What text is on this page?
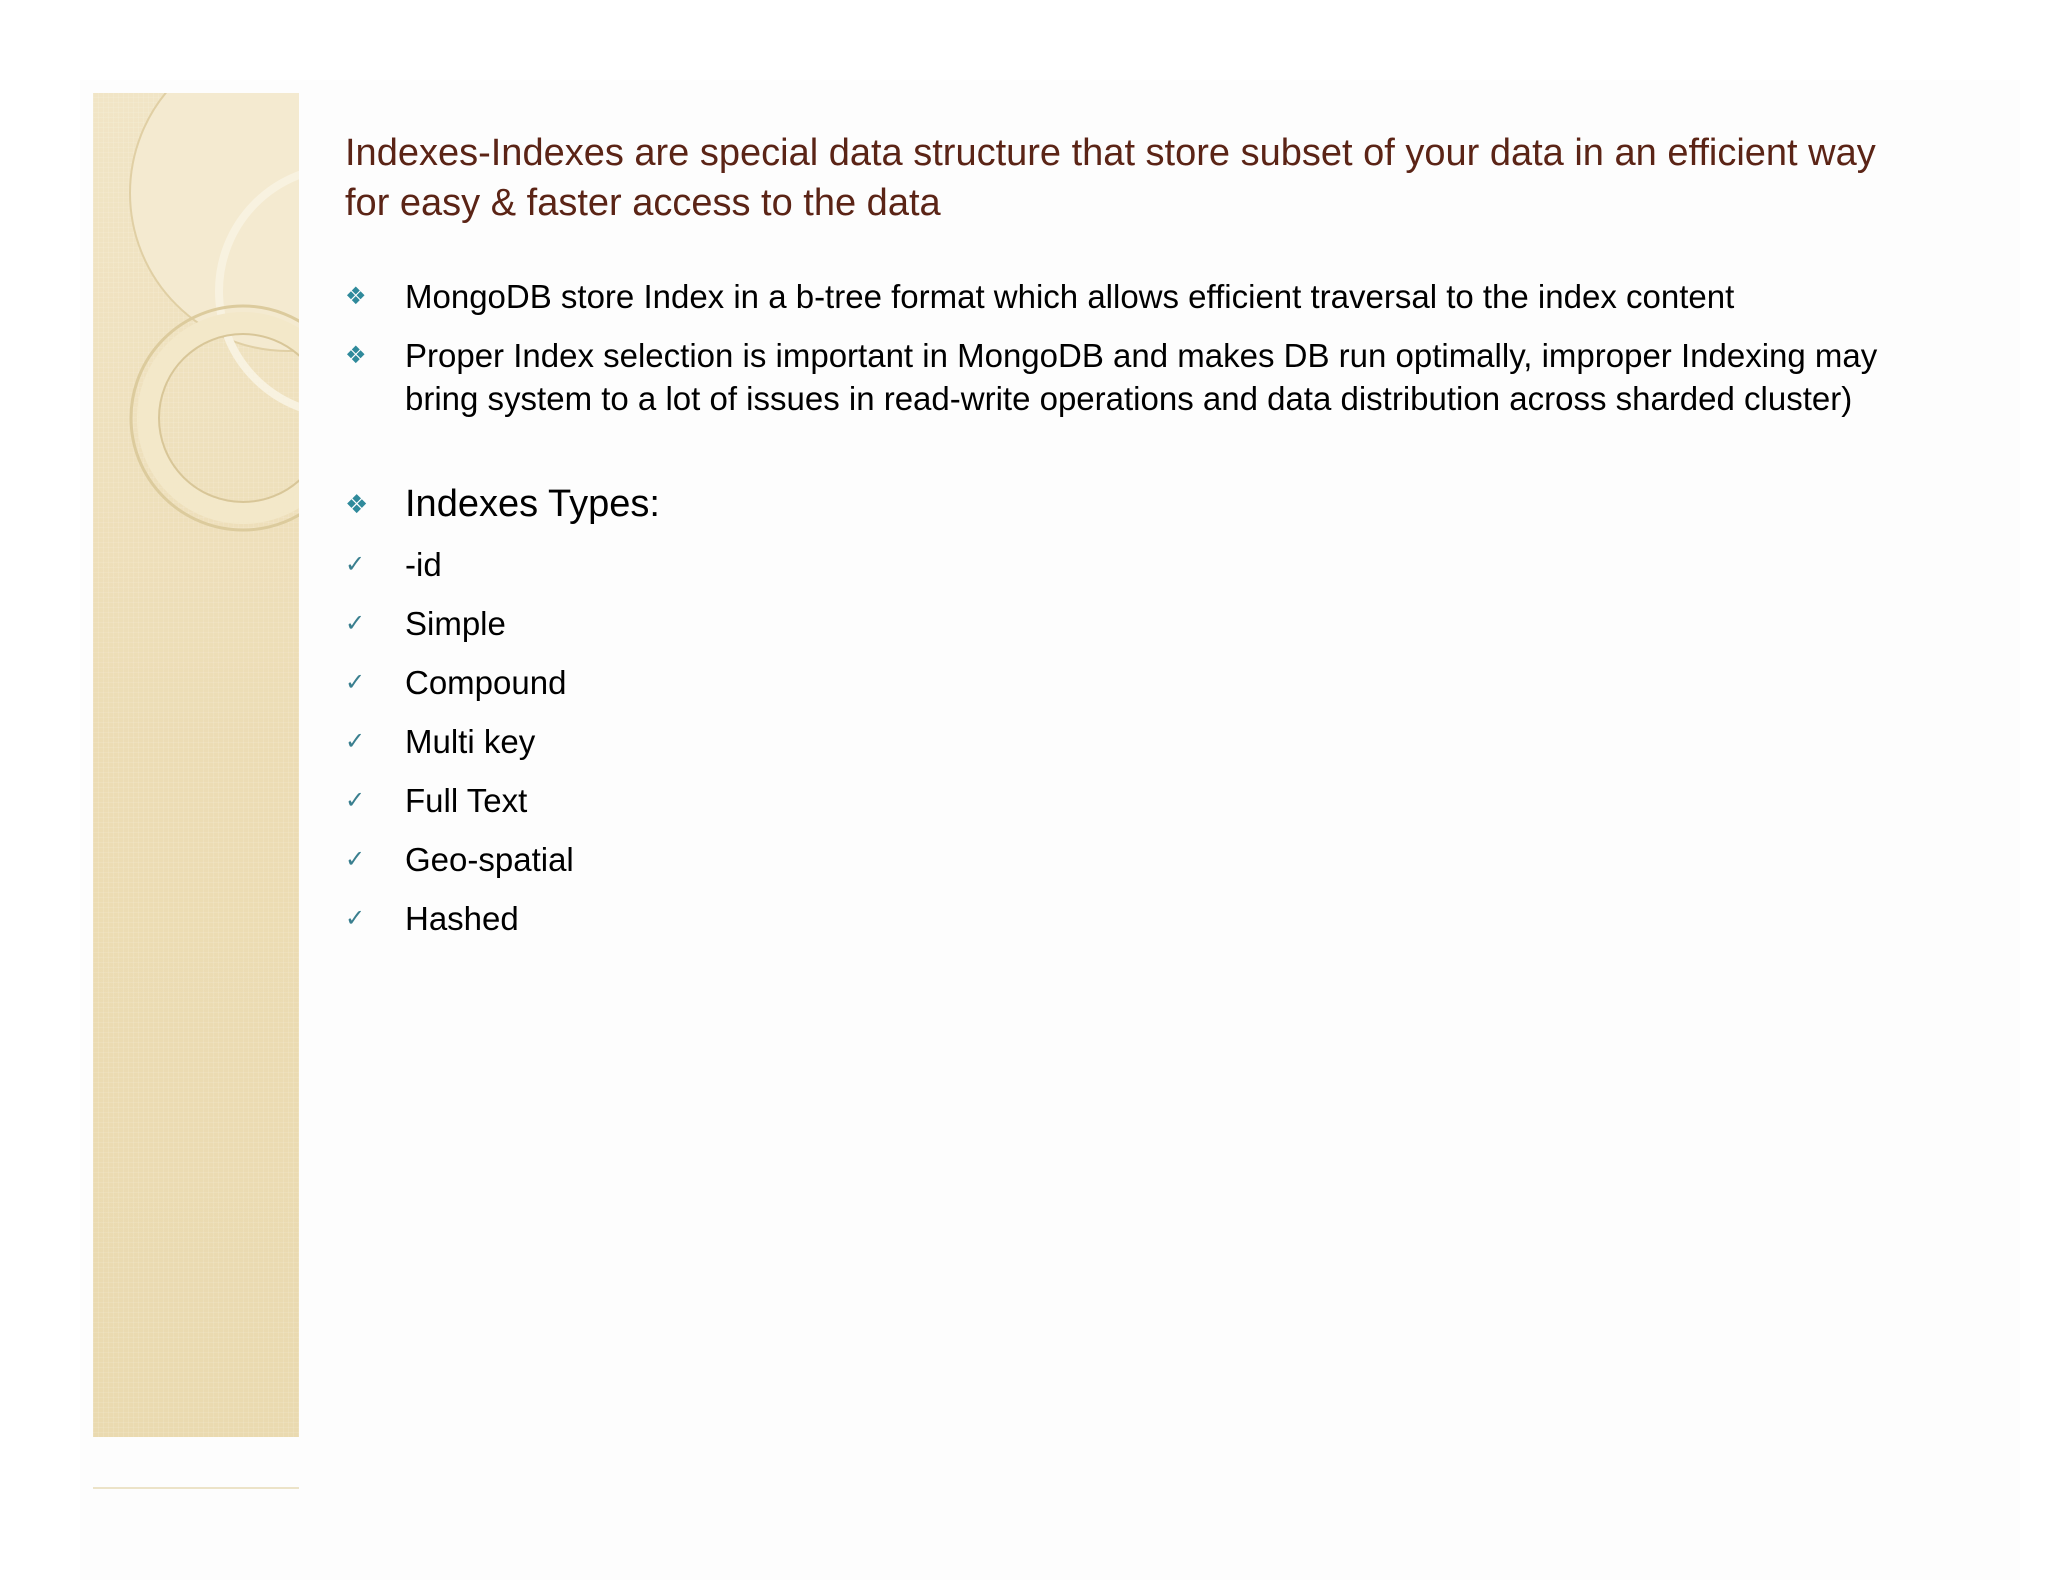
Indexes-Indexes are special data structure that store subset of your data in an efficient way for easy & faster access to the data
❖	MongoDB store Index in a b-tree format which allows efficient traversal to the index content
❖	Proper Index selection is important in MongoDB and makes DB run optimally, improper Indexing may bring system to a lot of issues in read-write operations and data distribution across sharded cluster)
❖ Indexes Types:
✓	-id
✓	Simple
✓	Compound
✓	Multi key
✓	Full Text
✓	Geo-spatial
✓	Hashed
